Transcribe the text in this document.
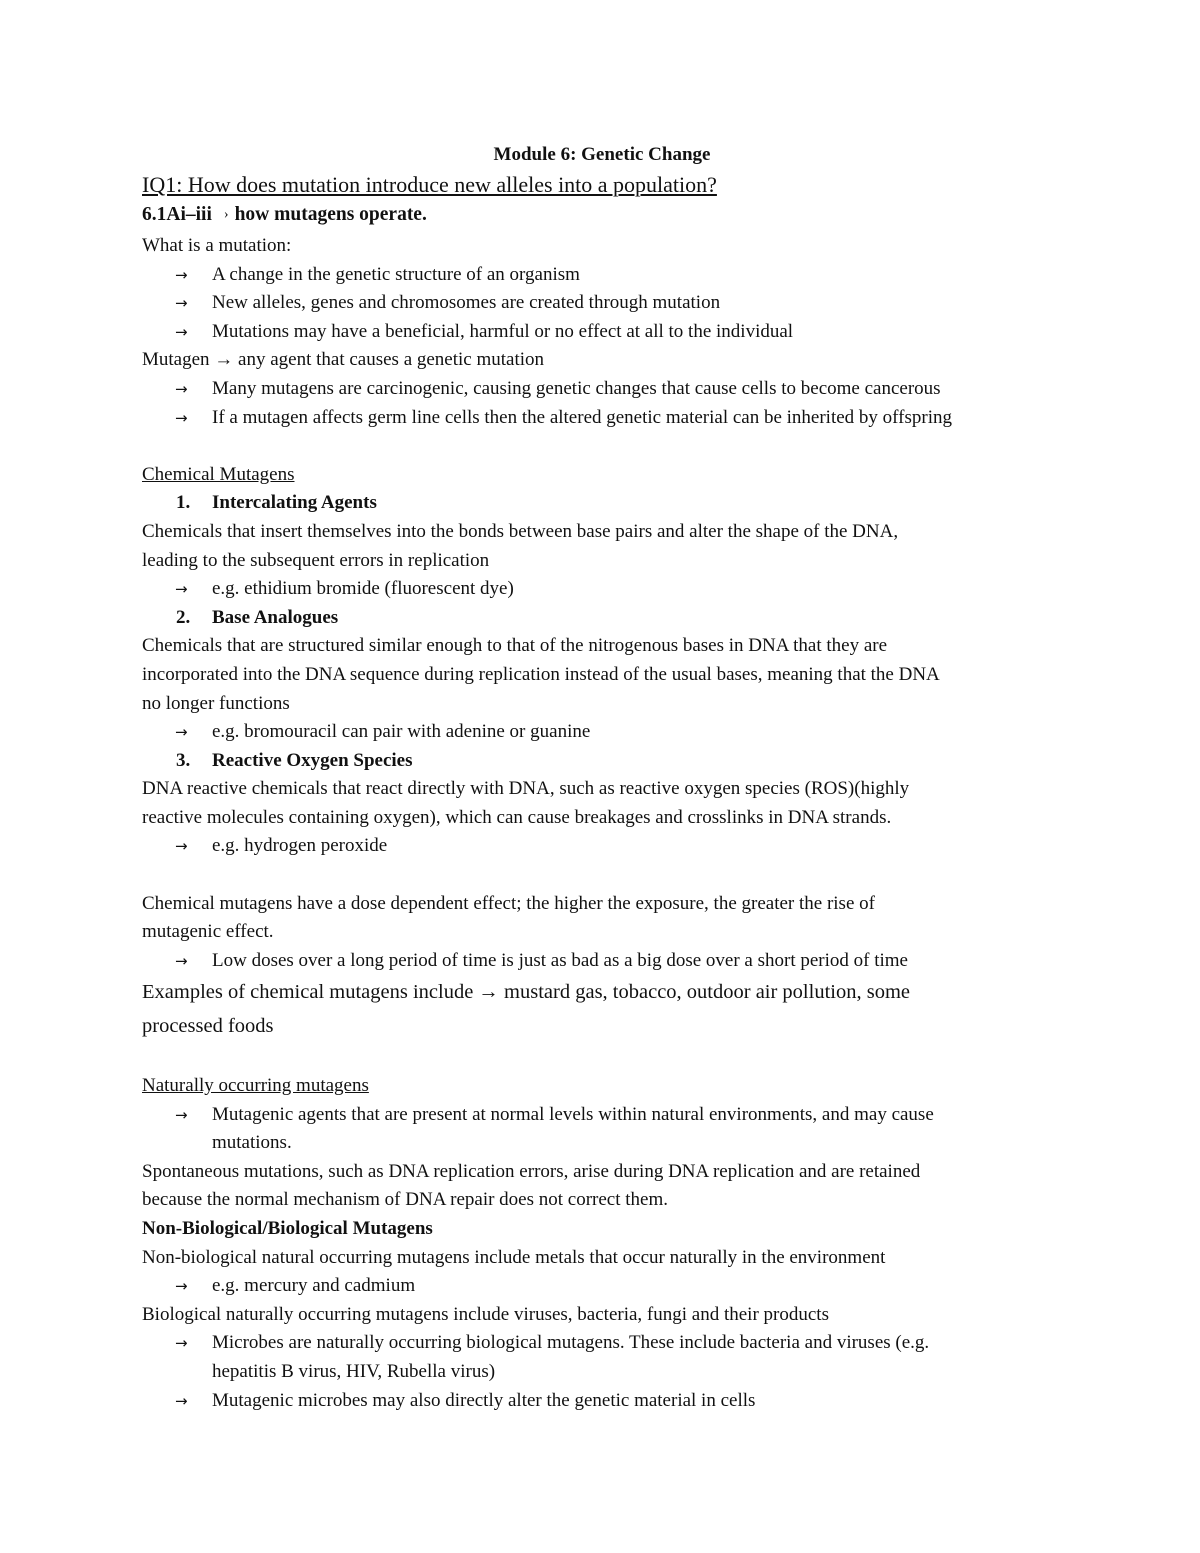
Module 6: Genetic Change

IQ1: How does mutation introduce new alleles into a population?

6.1Ai–iii › how mutagens operate.

What is a mutation:

→ A change in the genetic structure of an organism

→ New alleles, genes and chromosomes are created through mutation

→ Mutations may have a beneficial, harmful or no effect at all to the individual

Mutagen → any agent that causes a genetic mutation

→ Many mutagens are carcinogenic, causing genetic changes that cause cells to become cancerous

→ If a mutagen affects germ line cells then the altered genetic material can be inherited by offspring

Chemical Mutagens

1. Intercalating Agents

Chemicals that insert themselves into the bonds between base pairs and alter the shape of the DNA,

leading to the subsequent errors in replication

→ e.g. ethidium bromide (fluorescent dye)

2. Base Analogues

Chemicals that are structured similar enough to that of the nitrogenous bases in DNA that they are

incorporated into the DNA sequence during replication instead of the usual bases, meaning that the DNA

no longer functions

→ e.g. bromouracil can pair with adenine or guanine

3. Reactive Oxygen Species

DNA reactive chemicals that react directly with DNA, such as reactive oxygen species (ROS)(highly

reactive molecules containing oxygen), which can cause breakages and crosslinks in DNA strands.

→ e.g. hydrogen peroxide

Chemical mutagens have a dose dependent effect; the higher the exposure, the greater the rise of

mutagenic effect.

→ Low doses over a long period of time is just as bad as a big dose over a short period of time

Examples of chemical mutagens include → mustard gas, tobacco, outdoor air pollution, some

processed foods

Naturally occurring mutagens

→ Mutagenic agents that are present at normal levels within natural environments, and may cause

mutations.

Spontaneous mutations, such as DNA replication errors, arise during DNA replication and are retained

because the normal mechanism of DNA repair does not correct them.

Non-Biological/Biological Mutagens

Non-biological natural occurring mutagens include metals that occur naturally in the environment

→ e.g. mercury and cadmium

Biological naturally occurring mutagens include viruses, bacteria, fungi and their products

→ Microbes are naturally occurring biological mutagens. These include bacteria and viruses (e.g.

hepatitis B virus, HIV, Rubella virus)

→ Mutagenic microbes may also directly alter the genetic material in cells
